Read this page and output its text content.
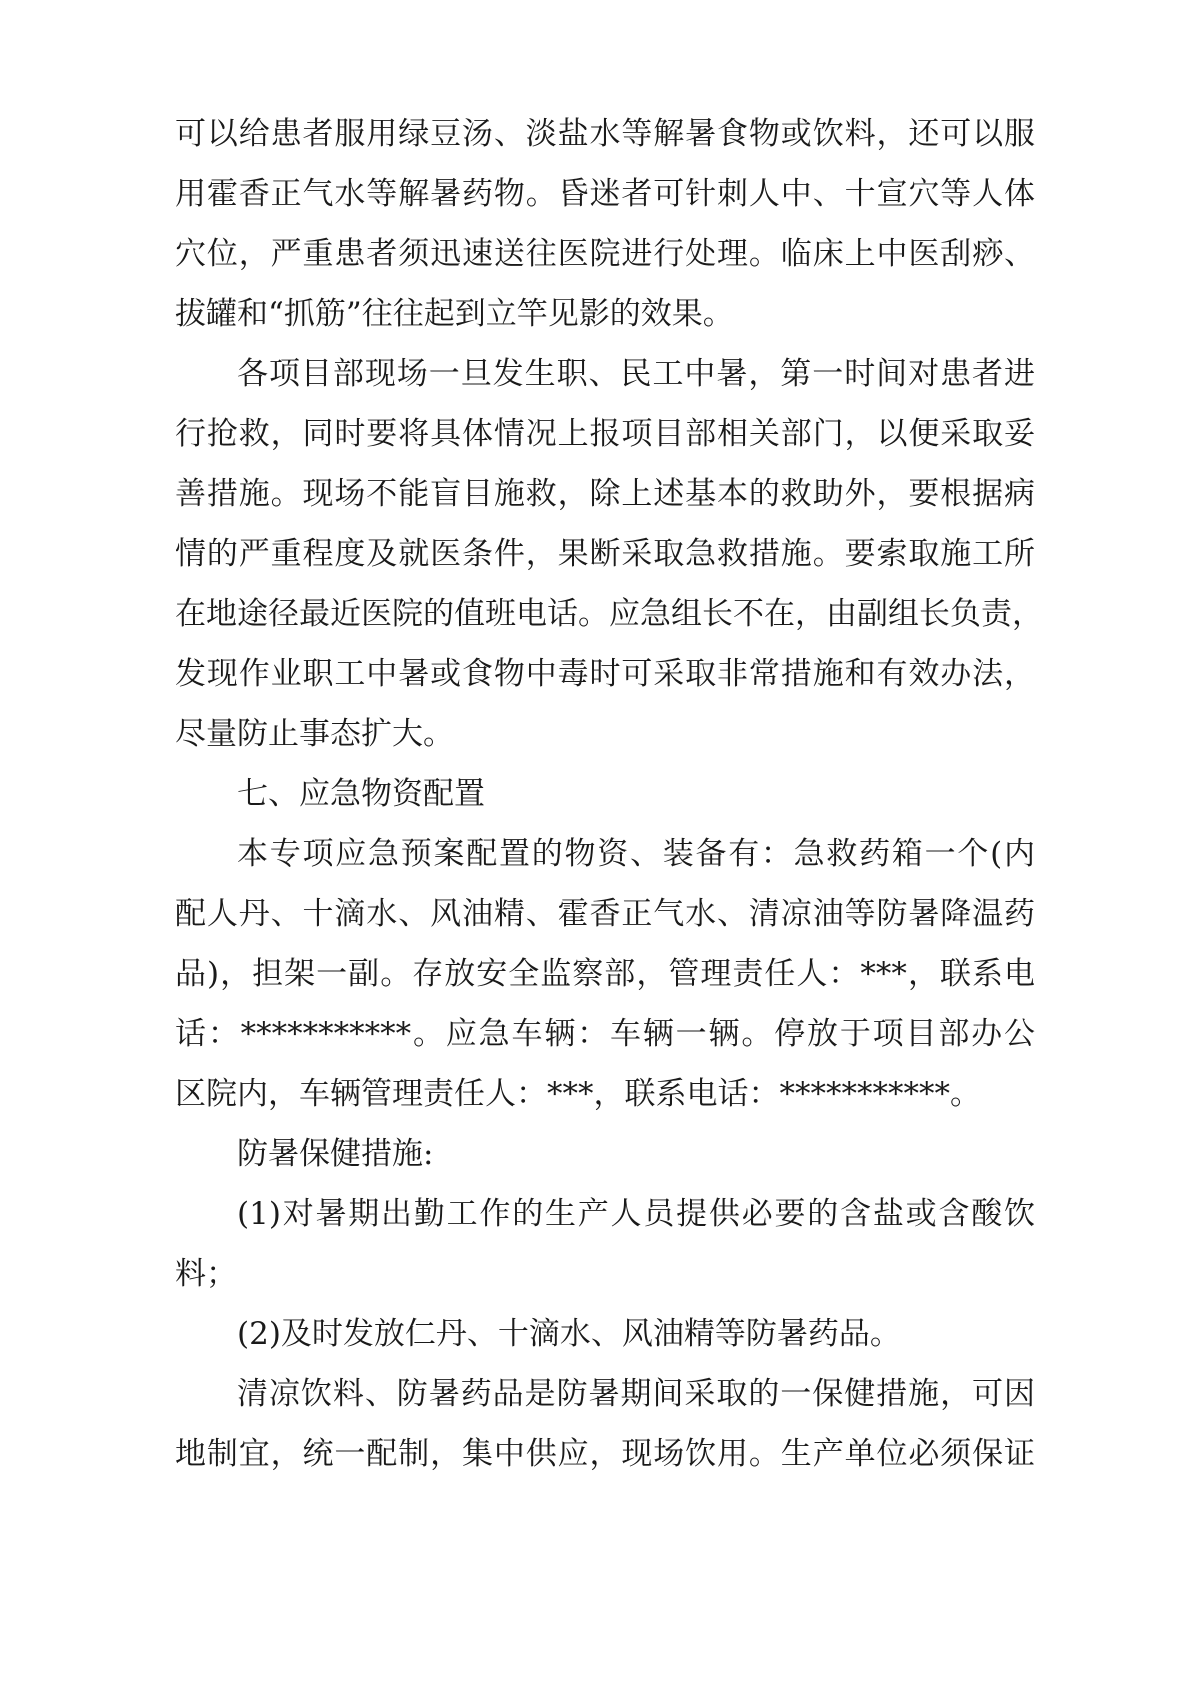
可以给患者服用绿豆汤、淡盐水等解暑食物或饮料，还可以服
用霍香正气水等解暑药物。昏迷者可针刺人中、十宣穴等人体
穴位，严重患者须迅速送往医院进行处理。临床上中医刮痧、
拔罐和“抓筋”往往起到立竿见影的效果。
各项目部现场一旦发生职、民工中暑，第一时间对患者进
行抢救，同时要将具体情况上报项目部相关部门，以便采取妥
善措施。现场不能盲目施救，除上述基本的救助外，要根据病
情的严重程度及就医条件，果断采取急救措施。要索取施工所
在地途径最近医院的值班电话。应急组长不在，由副组长负责，
发现作业职工中暑或食物中毒时可采取非常措施和有效办法，
尽量防止事态扩大。
七、应急物资配置
本专项应急预案配置的物资、装备有：急救药箱一个(内
配人丹、十滴水、风油精、霍香正气水、清凉油等防暑降温药
品)，担架一副。存放安全监察部，管理责任人：***，联系电
话：***********。应急车辆：车辆一辆。停放于项目部办公
区院内，车辆管理责任人：***，联系电话：***********。
防暑保健措施:
(1)对暑期出勤工作的生产人员提供必要的含盐或含酸饮
料；
(2)及时发放仁丹、十滴水、风油精等防暑药品。
清凉饮料、防暑药品是防暑期间采取的一保健措施，可因
地制宜，统一配制，集中供应，现场饮用。生产单位必须保证
